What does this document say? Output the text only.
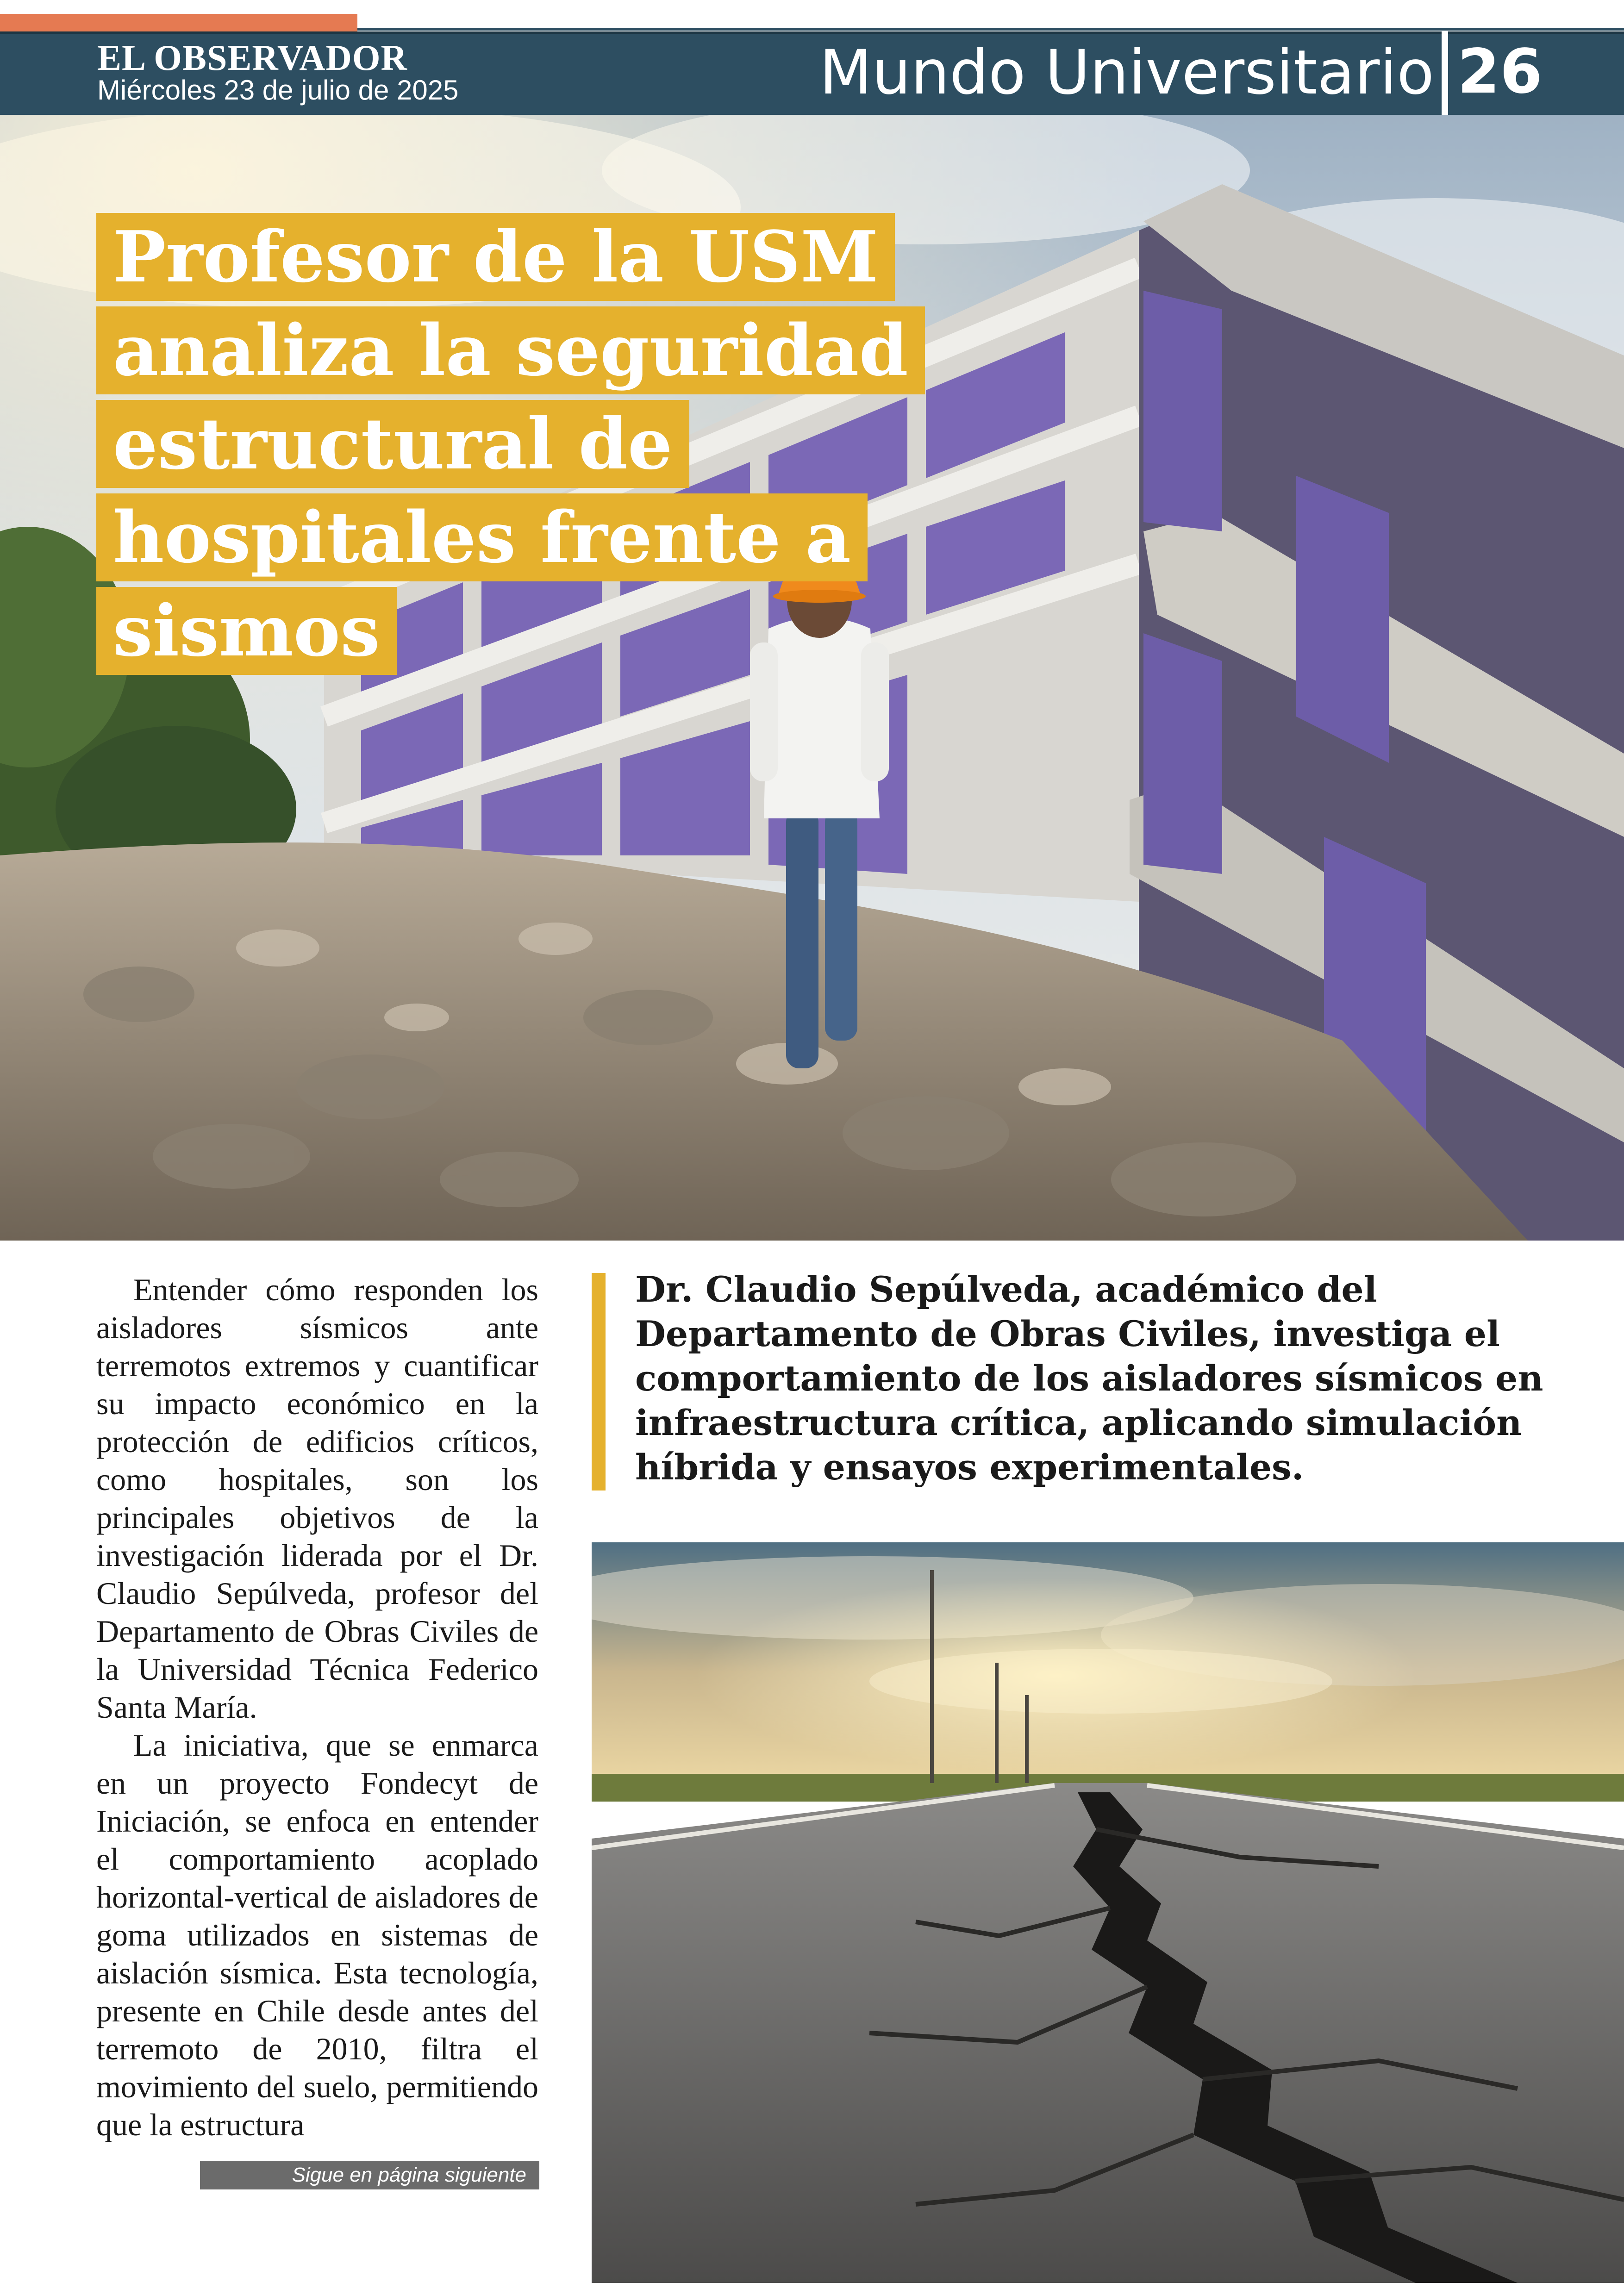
EL OBSERVADOR
Miércoles 23 de julio de 2025	Mundo Universitario 26
Profesor de la USM
analiza la seguridad
estructural de
hospitales frente a
sismos

Entender cómo responden los aisladores sísmicos ante terremotos extremos y cuantificar su impacto económico en la protección de edificios críticos, como hospitales, son los principales objetivos de la investigación liderada por el Dr. Claudio Sepúlveda, profesor del Departamento de Obras Civiles de la Universidad Técnica Federico Santa María.

La iniciativa, que se enmarca en un proyecto Fondecyt de Iniciación, se enfoca en entender el comportamiento acoplado horizontal-vertical de aisladores de goma utilizados en sistemas de aislación sísmica. Esta tecnología, presente en Chile desde antes del terremoto de 2010, filtra el movimiento del suelo, permitiendo que la estructura

Sigue en página siguiente
Dr. Claudio Sepúlveda, académico del Departamento de Obras Civiles, investiga el comportamiento de los aisladores sísmicos en infraestructura crítica, aplicando simulación híbrida y ensayos experimentales.
